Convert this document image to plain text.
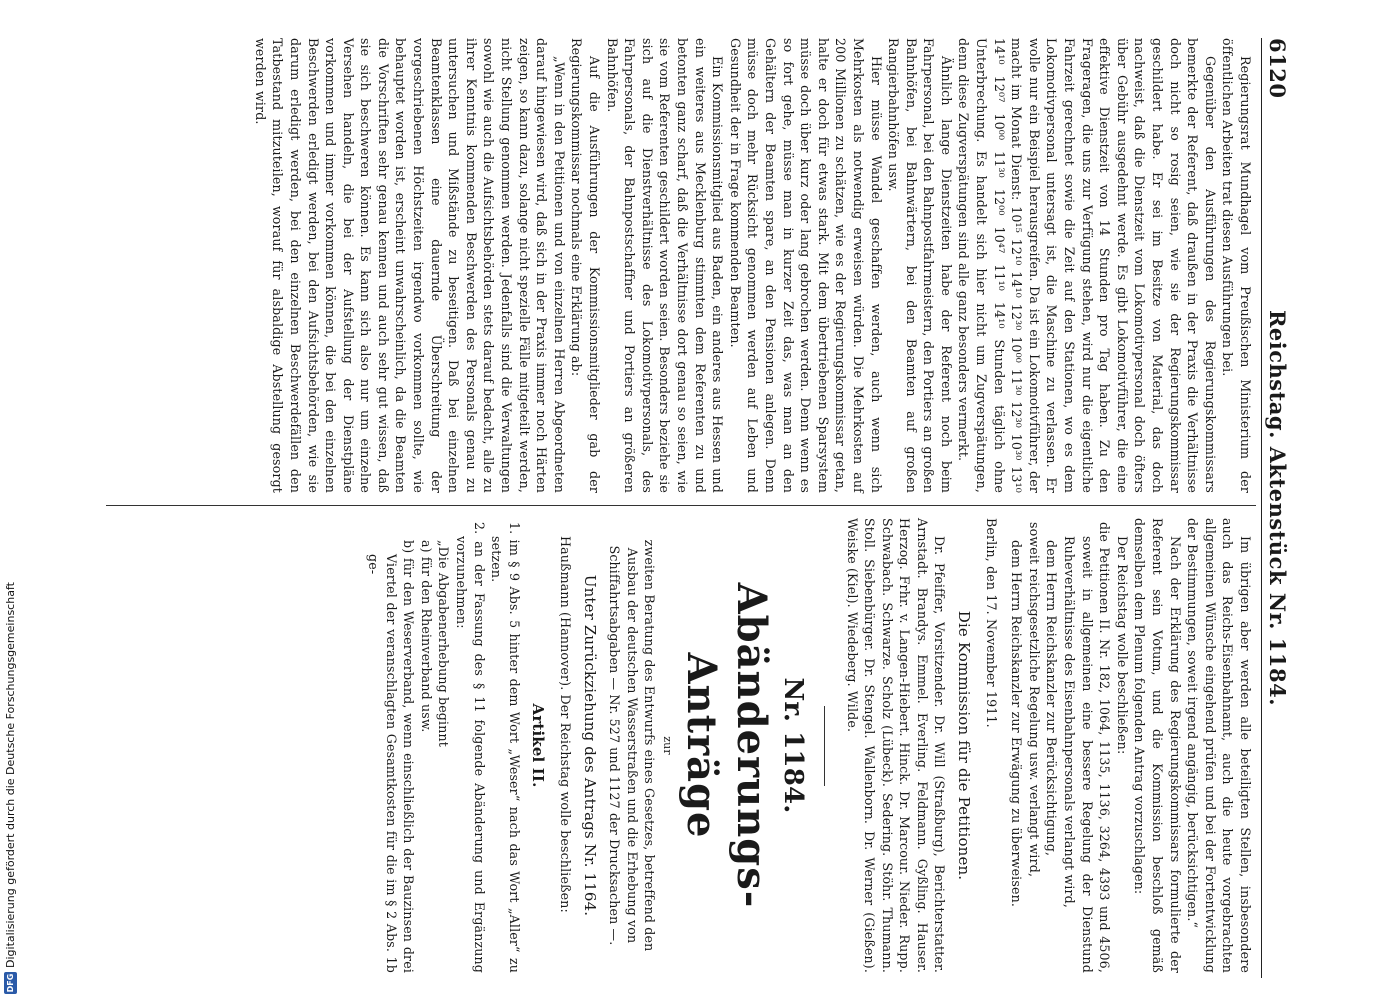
6120
Reichstag. Aktenstück Nr. 1184.

Regierungsrat Mundhagel vom Preußischen Ministerium der öffentlichen Arbeiten trat diesen Ausführungen bei.

Gegenüber den Ausführungen des Regierungskommissars bemerkte der Referent, daß draußen in der Praxis die Verhältnisse doch nicht so rosig seien, wie sie der Regierungskommissar geschildert habe. Er sei im Besitze von Material, das doch nachweist, daß die Dienstzeit vom Lokomotivpersonal doch öfters über Gebühr ausgedehnt werde. Es gibt Lokomotivführer, die eine effektive Dienstzeit von 14 Stunden pro Tag haben. Zu den Frageragen, die uns zur Verfügung stehen, wird nur die eigentliche Fahrzeit gerechnet sowie die Zeit auf den Stationen, wo es dem Lokomotivpersonal untersagt ist, die Maschine zu verlassen. Er wolle nur ein Beispiel herausgreifen. Da ist ein Lokomotivführer, der macht im Monat Dienst: 10¹⁵ 12¹⁰ 14¹⁰ 12³⁰ 10⁰⁰ 11³⁰ 12³⁰ 10³⁰ 13¹⁰ 14¹⁰ 12⁰⁷ 10⁰⁰ 11³⁰ 12⁰⁰ 10⁴⁷ 11¹⁰ 14¹⁰ Stunden täglich ohne Unterbrechung. Es handelt sich hier nicht um Zugverspätungen, denn diese Zugverspätungen sind alle ganz besonders vermerkt.

Ähnlich lange Dienstzeiten habe der Referent noch beim Fahrpersonal, bei den Bahnpostfahrmeistern, den Portiers an großen Bahnhöfen, bei Bahnwärtern, bei den Beamten auf großen Rangierbahnhöfen usw.

Hier müsse Wandel geschaffen werden, auch wenn sich Mehrkosten als notwendig erweisen würden. Die Mehrkosten auf 200 Millionen zu schätzen, wie es der Regierungskommissar getan, halte er doch für etwas stark. Mit dem übertriebenen Sparsystem müsse doch über kurz oder lang gebrochen werden. Denn wenn es so fort gehe, müsse man in kurzer Zeit das, was man an den Gehältern der Beamten spare, an den Pensionen anlegen. Denn müsse doch mehr Rücksicht genommen werden auf Leben und Gesundheit der in Frage kommenden Beamten.

Ein Kommissionsmitglied aus Baden, ein anderes aus Hessen und ein weiteres aus Mecklenburg stimmten dem Referenten zu und betonten ganz scharf, daß die Verhältnisse dort genau so seien, wie sie vom Referenten geschildert worden seien. Besonders beziehe sie sich auf die Dienstverhältnisse des Lokomotivpersonals, des Fahrpersonals, der Bahnpostschaffner und Portiers an größeren Bahnhöfen.

Auf die Ausführungen der Kommissionsmitglieder gab der Regierungskommissar nochmals eine Erklärung ab:

„Wenn in den Petitionen und von einzelnen Herren Abgeordneten darauf hingewiesen wird, daß sich in der Praxis immer noch Härten zeigen, so kann dazu, solange nicht spezielle Fälle mitgeteilt werden, nicht Stellung genommen werden. Jedenfalls sind die Verwaltungen sowohl wie auch die Aufsichtsbehörden stets darauf bedacht, alle zu ihrer Kenntnis kommenden Beschwerden des Personals genau zu untersuchen und Mißstände zu beseitigen. Daß bei einzelnen Beamtenklassen eine dauernde Überschreitung der vorgeschriebenen Höchstzeiten irgendwo vorkommen sollte, wie behauptet worden ist, erscheint unwahrscheinlich, da die Beamten die Vorschriften sehr genau kennen und auch sehr gut wissen, daß sie sich beschweren können. Es kann sich also nur um einzelne Versehen handeln, die bei der Aufstellung der Dienstpläne vorkommen und immer vorkommen können, die bei den einzelnen Beschwerden erledigt werden, bei den Aufsichtsbehörden, wie sie darum erledigt werden, bei den einzelnen Beschwerdefällen den Tatbestand mitzuteilen, worauf für alsbaldige Abstellung gesorgt werden wird.

Im übrigen aber werden alle beteiligten Stellen, insbesondere auch das Reichs-Eisenbahnamt, auch die heute vorgebrachten allgemeinen Wünsche eingehend prüfen und bei der Fortentwicklung der Bestimmungen, soweit irgend angängig, berücksichtigen.“

Nach der Erklärung des Regierungskommissars formulierte der Referent sein Votum, und die Kommission beschloß gemäß demselben dem Plenum folgenden Antrag vorzuschlagen:

Der Reichstag wolle beschließen:

die Petitionen II. Nr. 182, 1064, 1135, 1136, 3264, 4393 und 4506, soweit in allgemeinen eine bessere Regelung der Dienstund Ruheverhältnisse des Eisenbahnpersonals verlangt wird,

dem Herrn Reichskanzler zur Berücksichtigung,

soweit reichsgesetzliche Regelung usw. verlangt wird,

dem Herrn Reichskanzler zur Erwägung zu überweisen.

Berlin, den 17. November 1911.

Die Kommission für die Petitionen.

Dr. Pfeiffer, Vorsitzender. Dr. Will (Straßburg), Berichterstatter. Arnstadt. Brandys. Emmel. Everling. Feldmann. Gyßling. Hauser. Herzog. Frhr. v. Langen-Hiebert. Hinck. Dr. Marcour. Nieder. Rupp. Schwabach. Schwarze. Scholz (Lübeck). Sedering. Stöhr. Thumann. Stoll. Siebenbürger. Dr. Stengel. Wallenborn. Dr. Werner (Gießen). Weiske (Kiel). Wiedeberg. Wilde.

Nr. 1184.

Abänderungs-Anträge

zur

zweiten Beratung des Entwurfs eines Gesetzes, betreffend den Ausbau der deutschen Wasserstraßen und die Erhebung von Schiffahrtsabgaben — Nr. 527 und 1127 der Drucksachen —.

Unter Zurückziehung des Antrags Nr. 1164.

Haußmann (Hannover). Der Reichstag wolle beschließen:

Artikel II.

1. im § 9 Abs. 5 hinter dem Wort „Weser“ nach das Wort „Aller“ zu setzen.

2. an der Fassung des § 11 folgende Abänderung und Ergänzung vorzunehmen:

„Die Abgabenerhebung beginnt

a) für den Rheinverband usw.

b) für den Weserverband, wenn einschließlich der Bauzinsen drei Viertel der veranschlagten Gesamtkosten für die im § 2 Abs. 1b ge-

DFG
Digitalisierung gefördert durch die Deutsche Forschungsgemeinschaft
